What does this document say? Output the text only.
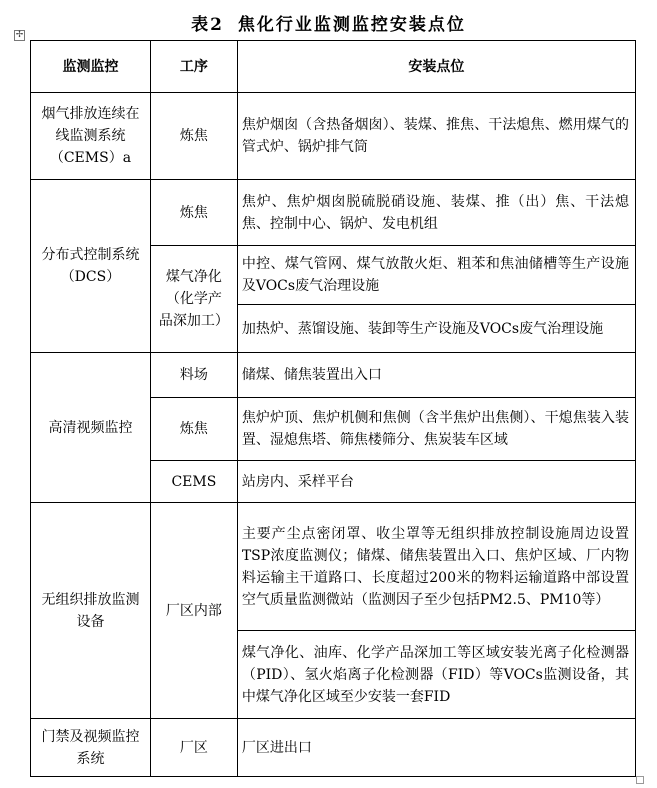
表2 焦化行业监测监控安装点位
✢
监测监控	工序	安装点位
烟气排放连续在线监测系统（CEMS）a	炼焦	焦炉烟囱（含热备烟囱）、装煤、推焦、干法熄焦、燃用煤气的管式炉、锅炉排气筒
分布式控制系统（DCS）	炼焦	焦炉、焦炉烟囱脱硫脱硝设施、装煤、推（出）焦、干法熄焦、控制中心、锅炉、发电机组
	煤气净化（化学产品深加工）	中控、煤气管网、煤气放散火炬、粗苯和焦油储槽等生产设施及VOCs废气治理设施
		加热炉、蒸馏设施、装卸等生产设施及VOCs废气治理设施
高清视频监控	料场	储煤、储焦装置出入口
	炼焦	焦炉炉顶、焦炉机侧和焦侧（含半焦炉出焦侧）、干熄焦装入装置、湿熄焦塔、筛焦楼筛分、焦炭装车区域
	CEMS	站房内、采样平台
无组织排放监测设备	厂区内部	主要产尘点密闭罩、收尘罩等无组织排放控制设施周边设置TSP浓度监测仪；储煤、储焦装置出入口、焦炉区域、厂内物料运输主干道路口、长度超过200米的物料运输道路中部设置空气质量监测微站（监测因子至少包括PM2.5、PM10等）
		煤气净化、油库、化学产品深加工等区域安装光离子化检测器（PID）、氢火焰离子化检测器（FID）等VOCs监测设备，其中煤气净化区域至少安装一套FID
门禁及视频监控系统	厂区	厂区进出口
